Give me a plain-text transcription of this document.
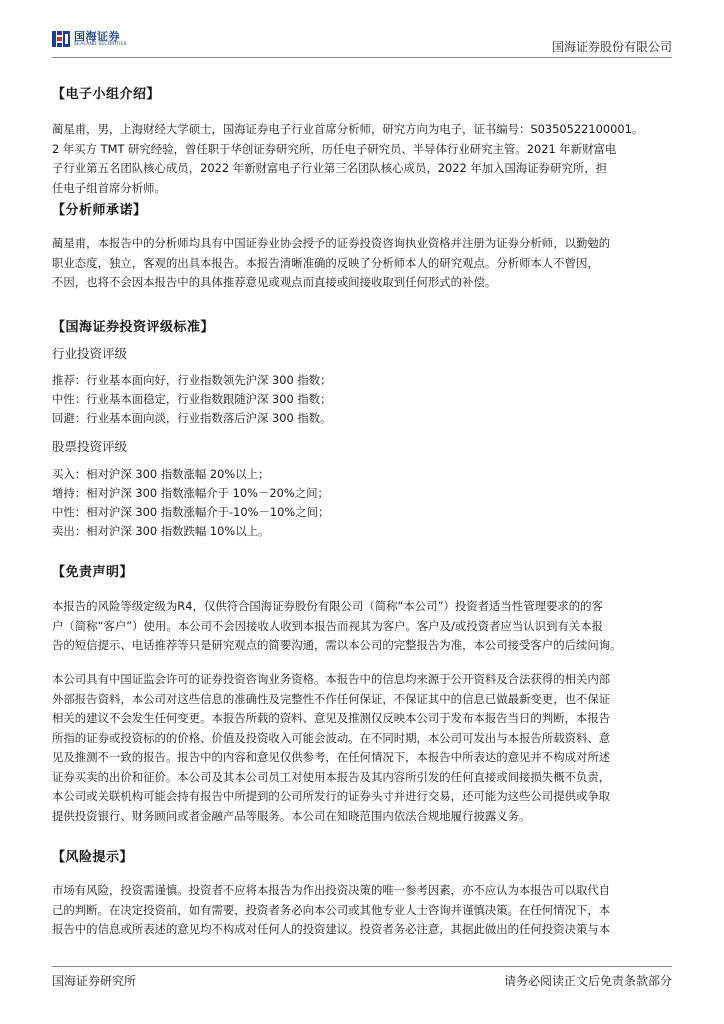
国海证券
SEALAND SECURITIES	国海证券股份有限公司
【电子小组介绍】

蔺星甫，男，上海财经大学硕士，国海证券电子行业首席分析师，研究方向为电子，证书编号：S0350522100001。

2 年买方 TMT 研究经验，曾任职于华创证券研究所，历任电子研究员、半导体行业研究主管。2021 年新财富电

子行业第五名团队核心成员，2022 年新财富电子行业第三名团队核心成员，2022 年加入国海证券研究所，担

任电子组首席分析师。

【分析师承诺】

蔺星甫，本报告中的分析师均具有中国证券业协会授予的证券投资咨询执业资格并注册为证券分析师，以勤勉的

职业态度，独立，客观的出具本报告。本报告清晰准确的反映了分析师本人的研究观点。分析师本人不曾因，

不因，也将不会因本报告中的具体推荐意见或观点而直接或间接收取到任何形式的补偿。

【国海证券投资评级标准】
行业投资评级
推荐：行业基本面向好，行业指数领先沪深 300 指数；
中性：行业基本面稳定，行业指数跟随沪深 300 指数；
回避：行业基本面向淡，行业指数落后沪深 300 指数。
股票投资评级
买入：相对沪深 300 指数涨幅 20%以上；
增持：相对沪深 300 指数涨幅介于 10%－20%之间；
中性：相对沪深 300 指数涨幅介于-10%－10%之间；
卖出：相对沪深 300 指数跌幅 10%以上。
【免责声明】

本报告的风险等级定级为R4，仅供符合国海证券股份有限公司（简称“本公司”）投资者适当性管理要求的的客

户（简称“客户”）使用。本公司不会因接收人收到本报告而视其为客户。客户及/或投资者应当认识到有关本报

告的短信提示、电话推荐等只是研究观点的简要沟通，需以本公司的完整报告为准，本公司接受客户的后续问询。

本公司具有中国证监会许可的证券投资咨询业务资格。本报告中的信息均来源于公开资料及合法获得的相关内部

外部报告资料，本公司对这些信息的准确性及完整性不作任何保证，不保证其中的信息已做最新变更，也不保证

相关的建议不会发生任何变更。本报告所载的资料、意见及推测仅反映本公司于发布本报告当日的判断，本报告

所指的证券或投资标的的价格、价值及投资收入可能会波动。在不同时期，本公司可发出与本报告所载资料、意

见及推测不一致的报告。报告中的内容和意见仅供参考，在任何情况下，本报告中所表达的意见并不构成对所述

证券买卖的出价和征价。本公司及其本公司员工对使用本报告及其内容所引发的任何直接或间接损失概不负责，

本公司或关联机构可能会持有报告中所提到的公司所发行的证券头寸并进行交易，还可能为这些公司提供或争取

提供投资银行、财务顾问或者金融产品等服务。本公司在知晓范围内依法合规地履行披露义务。

【风险提示】

市场有风险，投资需谨慎。投资者不应将本报告为作出投资决策的唯一参考因素，亦不应认为本报告可以取代自

己的判断。在决定投资前，如有需要，投资者务必向本公司或其他专业人士咨询并谨慎决策。在任何情况下，本

报告中的信息或所表述的意见均不构成对任何人的投资建议。投资者务必注意，其据此做出的任何投资决策与本

国海证券研究所	请务必阅读正文后免责条款部分
